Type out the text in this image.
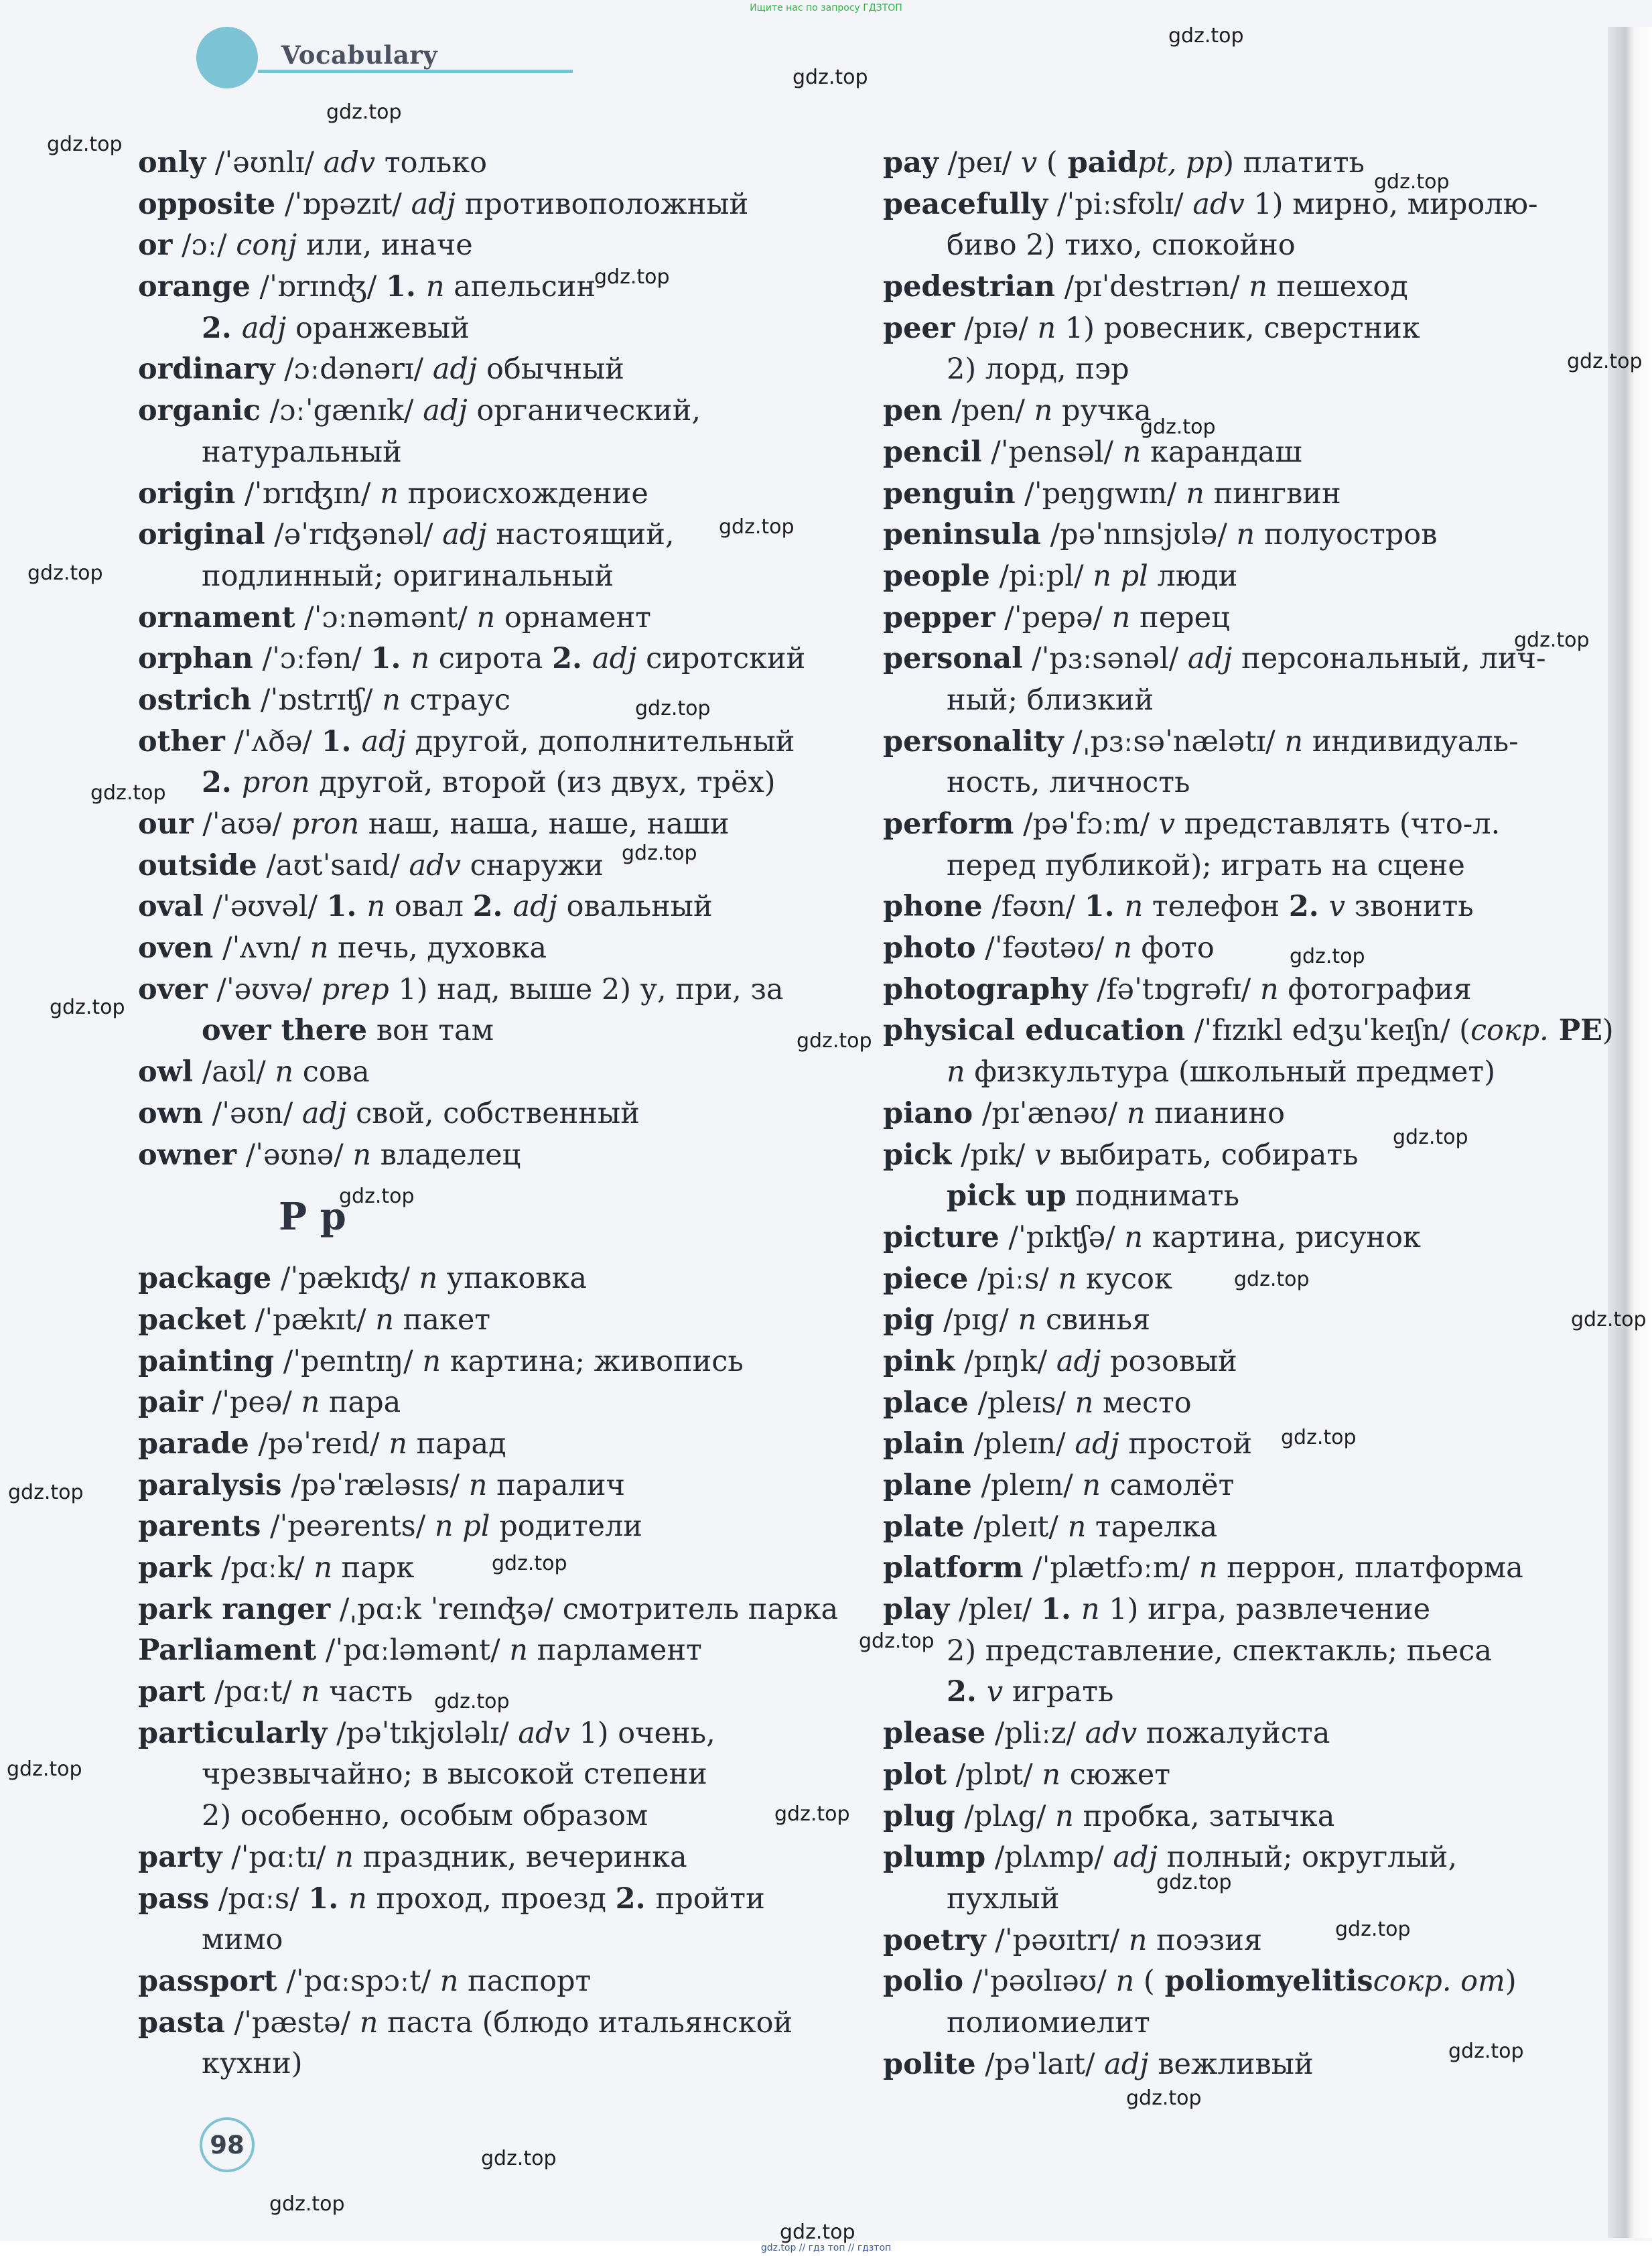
Ищите нас по запросу ГДЗТОП
Vocabulary
only /ˈəʊnlɪ/ adv только
opposite /ˈɒpəzɪt/ adj противоположный
or /ɔː/ conj или, иначе
orange /ˈɒrɪnʤ/ 1. n апельсин
2. adj оранжевый
ordinary /ɔːdənərɪ/ adj обычный
organic /ɔːˈgænɪk/ adj органический,
натуральный
origin /ˈɒrɪʤɪn/ n происхождение
original /əˈrɪʤənəl/ adj настоящий,
подлинный; оригинальный
ornament /ˈɔːnəmənt/ n орнамент
orphan /ˈɔːfən/ 1. n сирота 2. adj сиротский
ostrich /ˈɒstrɪʧ/ n страус
other /ˈʌðə/ 1. adj другой, дополнительный
2. pron другой, второй (из двух, трёх)
our /ˈaʊə/ pron наш, наша, наше, наши
outside /aʊtˈsaɪd/ adv снаружи
oval /ˈəʊvəl/ 1. n овал 2. adj овальный
oven /ˈʌvn/ n печь, духовка
over /ˈəʊvə/ prep 1) над, выше 2) у, при, за
over there вон там
owl /aʊl/ n сова
own /ˈəʊn/ adj свой, собственный
owner /ˈəʊnə/ n владелец
P p
package /ˈpækɪʤ/ n упаковка
packet /ˈpækɪt/ n пакет
painting /ˈpeɪntɪŋ/ n картина; живопись
pair /ˈpeə/ n пара
parade /pəˈreɪd/ n парад
paralysis /pəˈræləsɪs/ n паралич
parents /ˈpeərents/ n pl родители
park /pɑːk/ n парк
park ranger /ˌpɑːk ˈreɪnʤə/ смотритель парка
Parliament /ˈpɑːləmənt/ n парламент
part /pɑːt/ n часть
particularly /pəˈtɪkjʊləlɪ/ adv 1) очень,
чрезвычайно; в высокой степени
2) особенно, особым образом
party /ˈpɑːtɪ/ n праздник, вечеринка
pass /pɑːs/ 1. n проход, проезд 2. пройти
мимо
passport /ˈpɑːspɔːt/ n паспорт
pasta /ˈpæstə/ n паста (блюдо итальянской
кухни)
pay /peɪ/ v ( paidpt, pp) платить
peacefully /ˈpiːsfʊlɪ/ adv 1) мирно, миролю-
биво 2) тихо, спокойно
pedestrian /pɪˈdestrɪən/ n пешеход
peer /pɪə/ n 1) ровесник, сверстник
2) лорд, пэр
pen /pen/ n ручка
pencil /ˈpensəl/ n карандаш
penguin /ˈpeŋgwɪn/ n пингвин
peninsula /pəˈnɪnsjʊlə/ n полуостров
people /piːpl/ n pl люди
pepper /ˈpepə/ n перец
personal /ˈpɜːsənəl/ adj персональный, лич-
ный; близкий
personality /ˌpɜːsəˈnælətɪ/ n индивидуаль-
ность, личность
perform /pəˈfɔːm/ v представлять (что-л.
перед публикой); играть на сцене
phone /fəʊn/ 1. n телефон 2. v звонить
photo /ˈfəʊtəʊ/ n фото
photography /fəˈtɒgrəfɪ/ n фотография
physical education /ˈfɪzɪkl edʒuˈkeɪʃn/ (сокр. PE)
n физкультура (школьный предмет)
piano /pɪˈænəʊ/ n пианино
pick /pɪk/ v выбирать, собирать
pick up поднимать
picture /ˈpɪkʧə/ n картина, рисунок
piece /piːs/ n кусок
pig /pɪg/ n свинья
pink /pɪŋk/ adj розовый
place /pleɪs/ n место
plain /pleɪn/ adj простой
plane /pleɪn/ n самолёт
plate /pleɪt/ n тарелка
platform /ˈplætfɔːm/ n перрон, платформа
play /pleɪ/ 1. n 1) игра, развлечение
2) представление, спектакль; пьеса
2. v играть
please /pliːz/ adv пожалуйста
plot /plɒt/ n сюжет
plug /plʌg/ n пробка, затычка
plump /plʌmp/ adj полный; округлый,
пухлый
poetry /ˈpəʊɪtrɪ/ n поэзия
polio /ˈpəʊlɪəʊ/ n ( poliomyelitisсокр. от)
полиомиелит
polite /pəˈlaɪt/ adj вежливый
98
gdz.top
gdz.top
gdz.top
gdz.top
gdz.top
gdz.top
gdz.top
gdz.top
gdz.top
gdz.top
gdz.top
gdz.top
gdz.top
gdz.top
gdz.top
gdz.top
gdz.top
gdz.top
gdz.top
gdz.top
gdz.top
gdz.top
gdz.top
gdz.top
gdz.top
gdz.top
gdz.top
gdz.top
gdz.top
gdz.top
gdz.top
gdz.top
gdz.top
gdz.top
gdz.top
gdz.top // гдз топ // гдзтоп
